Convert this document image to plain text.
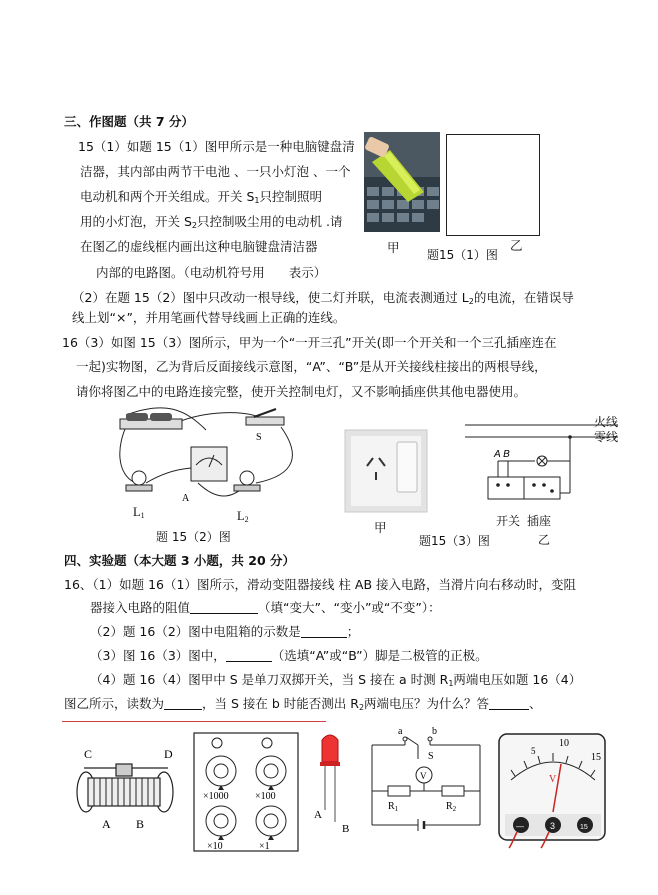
三、作图题（共 7 分）
15（1）如题 15（1）图甲所示是一种电脑键盘清
洁器，其内部由两节干电池 、一只小灯泡 、一个
电动机和两个开关组成。开关 $S_1$只控制照明
用的小灯泡，开关 $S_2$只控制吸尘用的电动机 .请
在图乙的虚线框内画出这种电脑键盘清洁器
内部的电路图。（电动机符号用 表示）
甲 题15（1）图
乙
（2）在题 15（2）图中只改动一根导线，使二灯并联，电流表测通过 $L_2$的电流，在错误导
线上划“×”，并用笔画代替导线画上正确的连线。
16（3）如图 15（3）图所示，甲为一个“一开三孔”开关(即一个开关和一个三孔插座连在
一起)实物图，乙为背后反面接线示意图，“A”、“B”是从开关接线柱接出的两根导线，
请你将图乙中的电路连接完整，使开关控制电灯，又不影响插座供其他电器使用。
S
A
$L_1$	$L_2$
题 15（2）图
甲
题15（3）图
A B
火线
零线
开关 插座
乙
四、实验题（本大题 3 小题，共 20 分）
16、（1）如题 16（1）图所示，滑动变阻器接线 柱 AB 接入电路，当滑片向右移动时，变阻
器接入电路的阻值	（填“变大”、“变小”或“不变”）：
（2）题 16（2）图中电阻箱的示数是	；
（3）图 16（3）图中，	（选填“A”或“B”）脚是二极管的正极。
（4）题 16（4）图甲中 S 是单刀双掷开关，当 S 接在 a 时测 $R_1$两端电压如题 16（4）
图乙所示，读数为	，当 S 接在 b 时能否测出 $R_2$两端电压？为什么？答	、
C	D
A B
×1000	×100
×10	×1
A
B
a	b
S
V
$R_1$	$R_2$
5
10
15
V
—	3	15
